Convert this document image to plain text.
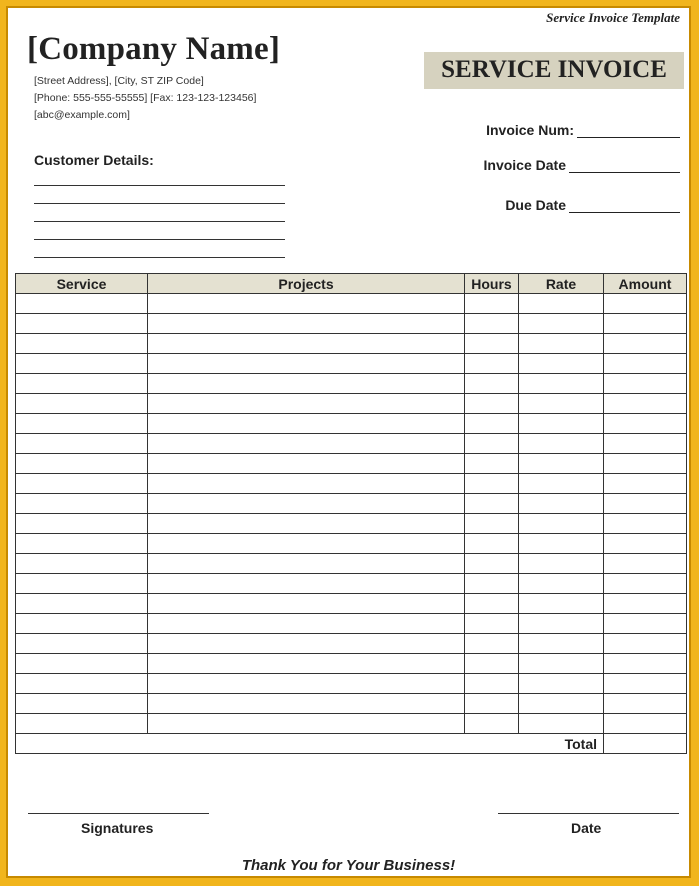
Service Invoice Template
[Company Name]
[Street Address], [City, ST ZIP Code]
[Phone: 555-555-55555] [Fax: 123-123-123456]
[abc@example.com]
SERVICE INVOICE
Invoice Num:
Invoice Date
Due Date
Customer Details:
Service	Projects	Hours	Rate	Amount

Total				
Signatures	Date
Thank You for Your Business!
